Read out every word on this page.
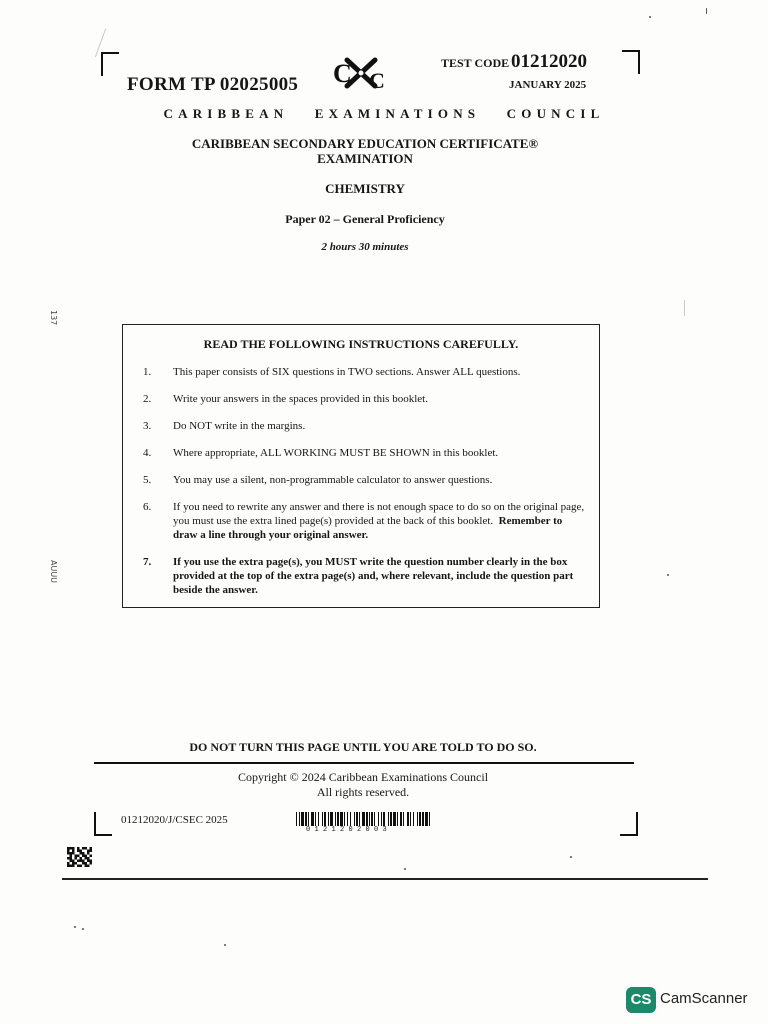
FORM TP 02025005 C C
TEST CODE 01212020
JANUARY 2025
CARIBBEAN EXAMINATIONS COUNCIL
CARIBBEAN SECONDARY EDUCATION CERTIFICATE®
EXAMINATION
CHEMISTRY
Paper 02 – General Proficiency
2 hours 30 minutes
137
AUUU
READ THE FOLLOWING INSTRUCTIONS CAREFULLY.
1.	This paper consists of SIX questions in TWO sections. Answer ALL questions.
2.	Write your answers in the spaces provided in this booklet.
3.	Do NOT write in the margins.
4.	Where appropriate, ALL WORKING MUST BE SHOWN in this booklet.
5.	You may use a silent, non-programmable calculator to answer questions.
6.	If you need to rewrite any answer and there is not enough space to do so on the original page, you must use the extra lined page(s) provided at the back of this booklet. Remember to draw a line through your original answer.
7.	If you use the extra page(s), you MUST write the question number clearly in the box provided at the top of the extra page(s) and, where relevant, include the question part beside the answer.
DO NOT TURN THIS PAGE UNTIL YOU ARE TOLD TO DO SO.
Copyright © 2024 Caribbean Examinations Council
All rights reserved.
01212020/J/CSEC 2025
0121202003
CS CamScanner
